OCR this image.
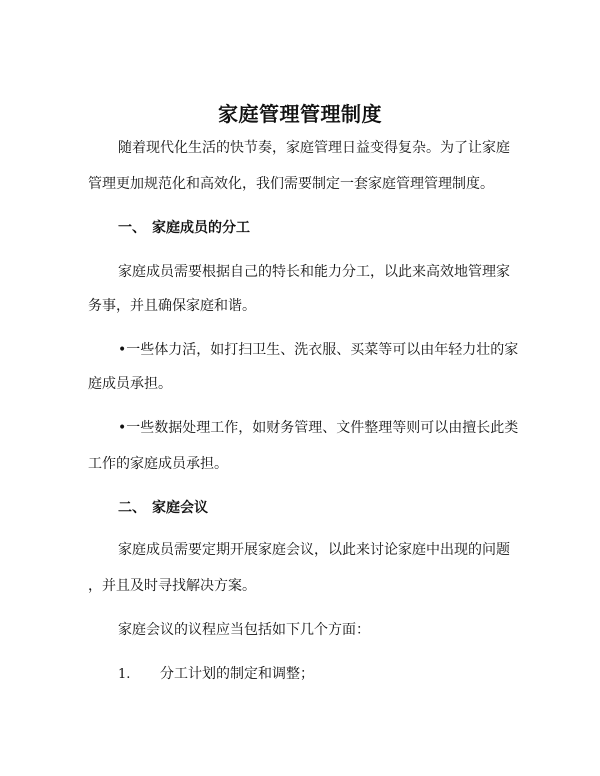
家庭管理管理制度
随着现代化生活的快节奏，家庭管理日益变得复杂。为了让家庭
管理更加规范化和高效化，我们需要制定一套家庭管理管理制度。
一、 家庭成员的分工
家庭成员需要根据自己的特长和能力分工，以此来高效地管理家
务事，并且确保家庭和谐。
•一些体力活，如打扫卫生、洗衣服、买菜等可以由年轻力壮的家
庭成员承担。
•一些数据处理工作，如财务管理、文件整理等则可以由擅长此类
工作的家庭成员承担。
二、 家庭会议
家庭成员需要定期开展家庭会议，以此来讨论家庭中出现的问题
，并且及时寻找解决方案。
家庭会议的议程应当包括如下几个方面：
1. 分工计划的制定和调整；
